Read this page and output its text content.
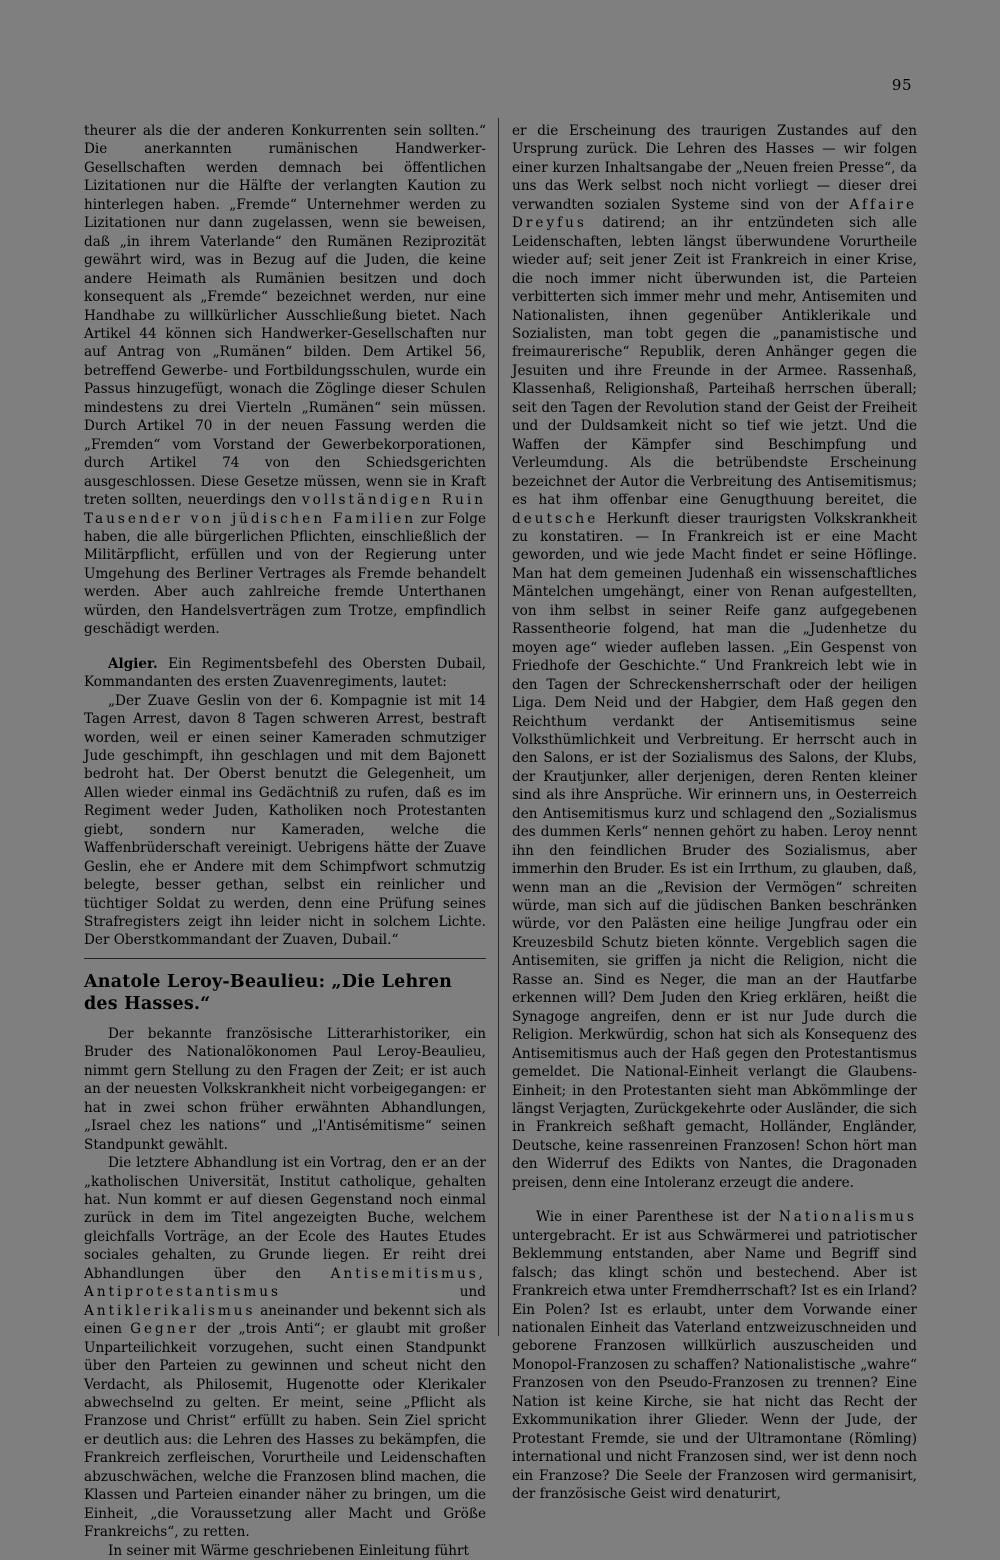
95

theurer als die der anderen Konkurrenten sein sollten.“ Die anerkannten rumänischen Handwerker-Gesellschaften werden demnach bei öffentlichen Lizitationen nur die Hälfte der verlangten Kaution zu hinterlegen haben. „Fremde“ Unternehmer werden zu Lizitationen nur dann zugelassen, wenn sie beweisen, daß „in ihrem Vaterlande“ den Rumänen Reziprozität gewährt wird, was in Bezug auf die Juden, die keine andere Heimath als Rumänien besitzen und doch konsequent als „Fremde“ bezeichnet werden, nur eine Handhabe zu willkürlicher Ausschließung bietet. Nach Artikel 44 können sich Handwerker-Gesellschaften nur auf Antrag von „Rumänen“ bilden. Dem Artikel 56, betreffend Gewerbe- und Fortbildungsschulen, wurde ein Passus hinzugefügt, wonach die Zöglinge dieser Schulen mindestens zu drei Vierteln „Rumänen“ sein müssen. Durch Artikel 70 in der neuen Fassung werden die „Fremden“ vom Vorstand der Gewerbekorporationen, durch Artikel 74 von den Schiedsgerichten ausgeschlossen. Diese Gesetze müssen, wenn sie in Kraft treten sollten, neuerdings den vollständigen Ruin Tausender von jüdischen Familien zur Folge haben, die alle bürgerlichen Pflichten, einschließlich der Militärpflicht, erfüllen und von der Regierung unter Umgehung des Berliner Vertrages als Fremde behandelt werden. Aber auch zahlreiche fremde Unterthanen würden, den Handelsverträgen zum Trotze, empfindlich geschädigt werden.

Algier. Ein Regimentsbefehl des Obersten Dubail, Kommandanten des ersten Zuavenregiments, lautet:

„Der Zuave Geslin von der 6. Kompagnie ist mit 14 Tagen Arrest, davon 8 Tagen schweren Arrest, bestraft worden, weil er einen seiner Kameraden schmutziger Jude geschimpft, ihn geschlagen und mit dem Bajonett bedroht hat. Der Oberst benutzt die Gelegenheit, um Allen wieder einmal ins Gedächtniß zu rufen, daß es im Regiment weder Juden, Katholiken noch Protestanten giebt, sondern nur Kameraden, welche die Waffenbrüderschaft vereinigt. Uebrigens hätte der Zuave Geslin, ehe er Andere mit dem Schimpfwort schmutzig belegte, besser gethan, selbst ein reinlicher und tüchtiger Soldat zu werden, denn eine Prüfung seines Strafregisters zeigt ihn leider nicht in solchem Lichte. Der Oberstkommandant der Zuaven, Dubail.“

Anatole Leroy-Beaulieu: „Die Lehren des Hasses.“

Der bekannte französische Litterarhistoriker, ein Bruder des Nationalökonomen Paul Leroy-Beaulieu, nimmt gern Stellung zu den Fragen der Zeit; er ist auch an der neuesten Volkskrankheit nicht vorbeigegangen: er hat in zwei schon früher erwähnten Abhandlungen, „Israel chez les nations“ und „l'Antisémitisme“ seinen Standpunkt gewählt.

Die letztere Abhandlung ist ein Vortrag, den er an der „katholischen Universität, Institut catholique, gehalten hat. Nun kommt er auf diesen Gegenstand noch einmal zurück in dem im Titel angezeigten Buche, welchem gleichfalls Vorträge, an der Ecole des Hautes Etudes sociales gehalten, zu Grunde liegen. Er reiht drei Abhandlungen über den Antisemitismus, Antiprotestantismus	und Antiklerikalismus aneinander und bekennt sich als einen Gegner der „trois Anti“; er glaubt mit großer Unparteilichkeit vorzugehen, sucht einen Standpunkt über den Parteien zu gewinnen und scheut nicht den Verdacht, als Philosemit, Hugenotte oder Klerikaler abwechselnd zu gelten. Er meint, seine „Pflicht als Franzose und Christ“ erfüllt zu haben. Sein Ziel spricht er deutlich aus: die Lehren des Hasses zu bekämpfen, die Frankreich zerfleischen, Vorurtheile und Leidenschaften abzuschwächen, welche die Franzosen blind machen, die Klassen und Parteien einander näher zu bringen, um die Einheit, „die Voraussetzung aller Macht und Größe Frankreichs“, zu retten.

In seiner mit Wärme geschriebenen Einleitung führt

er die Erscheinung des traurigen Zustandes auf den Ursprung zurück. Die Lehren des Hasses — wir folgen einer kurzen Inhaltsangabe der „Neuen freien Presse“, da uns das Werk selbst noch nicht vorliegt — dieser drei verwandten sozialen Systeme sind von der Affaire Dreyfus datirend; an ihr entzündeten sich alle Leidenschaften, lebten längst überwundene Vorurtheile wieder auf; seit jener Zeit ist Frankreich in einer Krise, die noch immer nicht überwunden ist, die Parteien verbitterten sich immer mehr und mehr, Antisemiten und Nationalisten, ihnen gegenüber Antiklerikale und Sozialisten, man tobt gegen die „panamistische und freimaurerische“ Republik, deren Anhänger gegen die Jesuiten und ihre Freunde in der Armee. Rassenhaß, Klassenhaß, Religionshaß, Parteihaß herrschen überall; seit den Tagen der Revolution stand der Geist der Freiheit und der Duldsamkeit nicht so tief wie jetzt. Und die Waffen der Kämpfer sind Beschimpfung und Verleumdung. Als die betrübendste Erscheinung bezeichnet der Autor die Verbreitung des Antisemitismus; es hat ihm offenbar eine Genugthuung bereitet, die deutsche Herkunft dieser traurigsten Volkskrankheit zu konstatiren. — In Frankreich ist er eine Macht geworden, und wie jede Macht findet er seine Höflinge. Man hat dem gemeinen Judenhaß ein wissenschaftliches Mäntelchen umgehängt, einer von Renan aufgestellten, von ihm selbst in seiner Reife ganz aufgegebenen Rassentheorie folgend, hat man die „Judenhetze du moyen age“ wieder aufleben lassen. „Ein Gespenst von Friedhofe der Geschichte.“ Und Frankreich lebt wie in den Tagen der Schreckensherrschaft oder der heiligen Liga. Dem Neid und der Habgier, dem Haß gegen den Reichthum verdankt der Antisemitismus seine Volksthümlichkeit und Verbreitung. Er herrscht auch in den Salons, er ist der Sozialismus des Salons, der Klubs, der Krautjunker, aller derjenigen, deren Renten kleiner sind als ihre Ansprüche. Wir erinnern uns, in Oesterreich den Antisemitismus kurz und schlagend den „Sozialismus des dummen Kerls“ nennen gehört zu haben. Leroy nennt ihn den feindlichen Bruder des Sozialismus, aber immerhin den Bruder. Es ist ein Irrthum, zu glauben, daß, wenn man an die „Revision der Vermögen“ schreiten würde, man sich auf die jüdischen Banken beschränken würde, vor den Palästen eine heilige Jungfrau oder ein Kreuzesbild Schutz bieten könnte. Vergeblich sagen die Antisemiten, sie griffen ja nicht die Religion, nicht die Rasse an. Sind es Neger, die man an der Hautfarbe erkennen will? Dem Juden den Krieg erklären, heißt die Synagoge angreifen, denn er ist nur Jude durch die Religion. Merkwürdig, schon hat sich als Konsequenz des Antisemitismus auch der Haß gegen den Protestantismus gemeldet. Die National-Einheit verlangt die Glaubens-Einheit; in den Protestanten sieht man Abkömmlinge der längst Verjagten, Zurückgekehrte oder Ausländer, die sich in Frankreich seßhaft gemacht, Holländer, Engländer, Deutsche, keine rassenreinen Franzosen! Schon hört man den Widerruf des Edikts von Nantes, die Dragonaden preisen, denn eine Intoleranz erzeugt die andere.

Wie in einer Parenthese ist der Nationalismus untergebracht. Er ist aus Schwärmerei und patriotischer Beklemmung entstanden, aber Name und Begriff sind falsch; das klingt schön und bestechend. Aber ist Frankreich etwa unter Fremdherrschaft? Ist es ein Irland? Ein Polen? Ist es erlaubt, unter dem Vorwande einer nationalen Einheit das Vaterland entzweizuschneiden und geborene Franzosen willkürlich auszuscheiden und Monopol-Franzosen zu schaffen? Nationalistische „wahre“ Franzosen von den Pseudo-Franzosen zu trennen? Eine Nation ist keine Kirche, sie hat nicht das Recht der Exkommunikation ihrer Glieder. Wenn der Jude, der Protestant Fremde, sie und der Ultramontane (Römling) international und nicht Franzosen sind, wer ist denn noch ein Franzose? Die Seele der Franzosen wird germanisirt, der französische Geist wird denaturirt,
